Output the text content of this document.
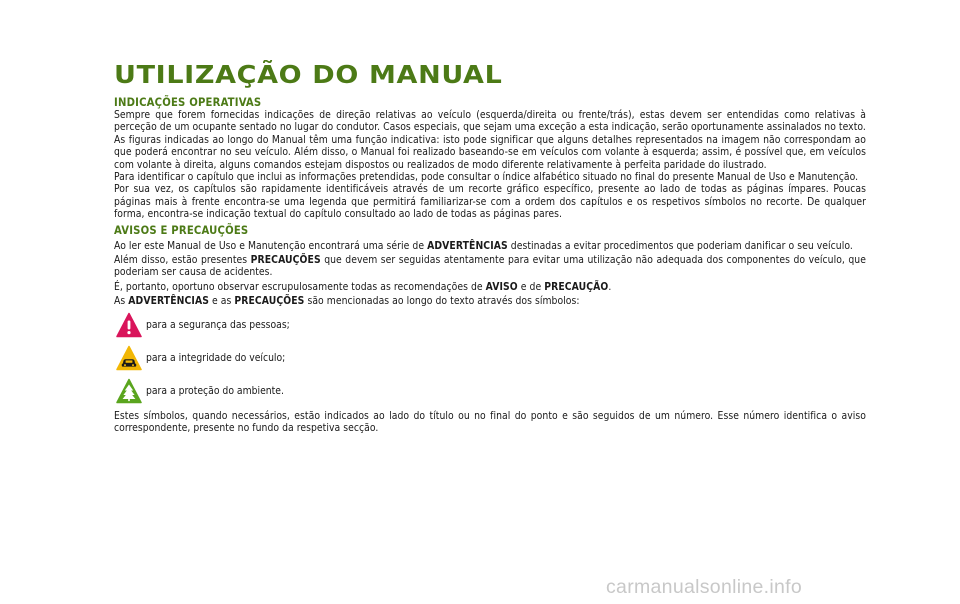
UTILIZAÇÃO DO MANUAL
INDICAÇÕES OPERATIVAS

Sempre que forem fornecidas indicações de direção relativas ao veículo (esquerda/direita ou frente/trás), estas devem ser entendidas como relativas à perceção de um ocupante sentado no lugar do condutor. Casos especiais, que sejam uma exceção a esta indicação, serão oportunamente assinalados no texto.

As figuras indicadas ao longo do Manual têm uma função indicativa: isto pode significar que alguns detalhes representados na imagem não correspondam ao que poderá encontrar no seu veículo. Além disso, o Manual foi realizado baseando-se em veículos com volante à esquerda; assim, é possível que, em veículos com volante à direita, alguns comandos estejam dispostos ou realizados de modo diferente relativamente à perfeita paridade do ilustrado.

Para identificar o capítulo que inclui as informações pretendidas, pode consultar o índice alfabético situado no final do presente Manual de Uso e Manutenção.

Por sua vez, os capítulos são rapidamente identificáveis através de um recorte gráfico específico, presente ao lado de todas as páginas ímpares. Poucas páginas mais à frente encontra-se uma legenda que permitirá familiarizar-se com a ordem dos capítulos e os respetivos símbolos no recorte. De qualquer forma, encontra-se indicação textual do capítulo consultado ao lado de todas as páginas pares.

AVISOS E PRECAUÇÕES

Ao ler este Manual de Uso e Manutenção encontrará uma série de ADVERTÊNCIAS destinadas a evitar procedimentos que poderiam danificar o seu veículo.

Além disso, estão presentes PRECAUÇÕES que devem ser seguidas atentamente para evitar uma utilização não adequada dos componentes do veículo, que poderiam ser causa de acidentes.

É, portanto, oportuno observar escrupulosamente todas as recomendações de AVISO e de PRECAUÇÃO.

As ADVERTÊNCIAS e as PRECAUÇÕES são mencionadas ao longo do texto através dos símbolos:

para a segurança das pessoas;
para a integridade do veículo;
para a proteção do ambiente.

Estes símbolos, quando necessários, estão indicados ao lado do título ou no final do ponto e são seguidos de um número. Esse número identifica o aviso correspondente, presente no fundo da respetiva secção.

carmanualsonline.info
